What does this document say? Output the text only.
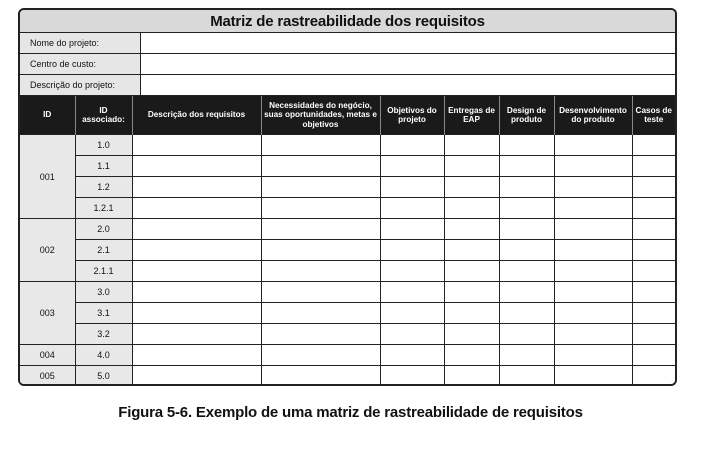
Matriz de rastreabilidade dos requisitos
Nome do projeto:
Centro de custo:
Descrição do projeto:
ID	ID associado:	Descrição dos requisitos	Necessidades do negócio, suas oportunidades, metas e objetivos	Objetivos do projeto	Entregas de EAP	Design de produto	Desenvolvimento do produto	Casos de teste
001	1.0							
	1.1							
	1.2							
	1.2.1							
002	2.0							
	2.1							
	2.1.1							
003	3.0							
	3.1							
	3.2							
004	4.0							
005	5.0							
Figura 5-6. Exemplo de uma matriz de rastreabilidade de requisitos
